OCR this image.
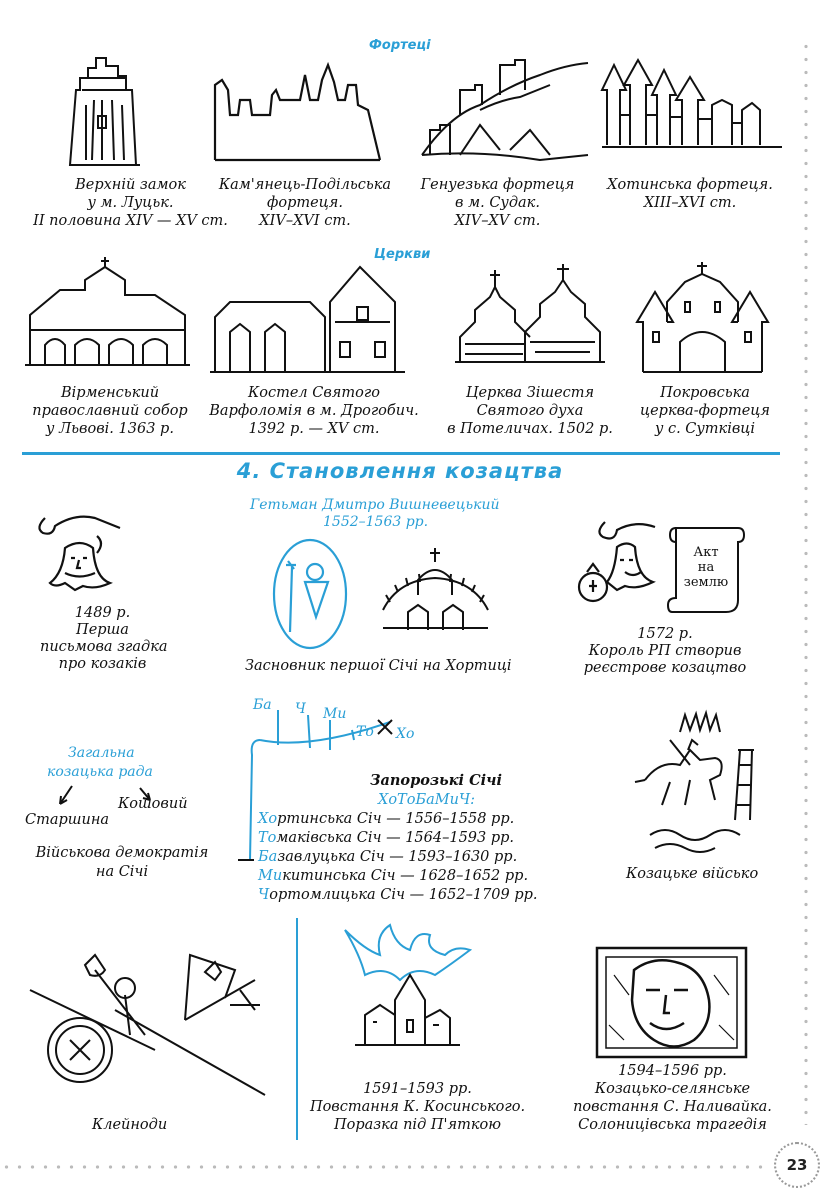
23
Фортеці
Верхній замок
у м. Луцьк.
ІІ половина XIV — XV ст.
Кам'янець-Подільська
фортеця.
XIV–XVI ст.
Генуезька фортеця
в м. Судак.
XIV–XV ст.
Хотинська фортеця.
XIII–XVI ст.
Церкви
Вірменський
православний собор
у Львові. 1363 р.
Костел Святого
Варфоломія в м. Дрогобич.
1392 р. — XV ст.
Церква Зішестя
Святого духа
в Потеличах. 1502 р.
Покровська
церква-фортеця
у с. Сутківці
4. Становлення козацтва
Гетьман Дмитро Вишневецький
1552–1563 рр.
1489 р.
Перша
письмова згадка
про козаків	Засновник першої Січі на Хортиці
Акт
на
землю
1572 р.
Король РП створив
реєстрове козацтво
Ба Ч Ми
То Хо
Загальна
козацька рада
Старшина
Кошовий
Військова демократія
на Січі
Запорозькі Січі
ХоТоБаМиЧ:
Хортинська Січ — 1556–1558 рр.
Томаківська Січ — 1564–1593 рр.
Базавлуцька Січ — 1593–1630 рр.
Микитинська Січ — 1628–1652 рр.
Чортомлицька Січ — 1652–1709 рр.
Козацьке військо
Клейноди
1591–1593 рр.
Повстання К. Косинського.
Поразка під П'яткою
1594–1596 рр.
Козацько-селянське
повстання С. Наливайка.
Солоницівська трагедія
